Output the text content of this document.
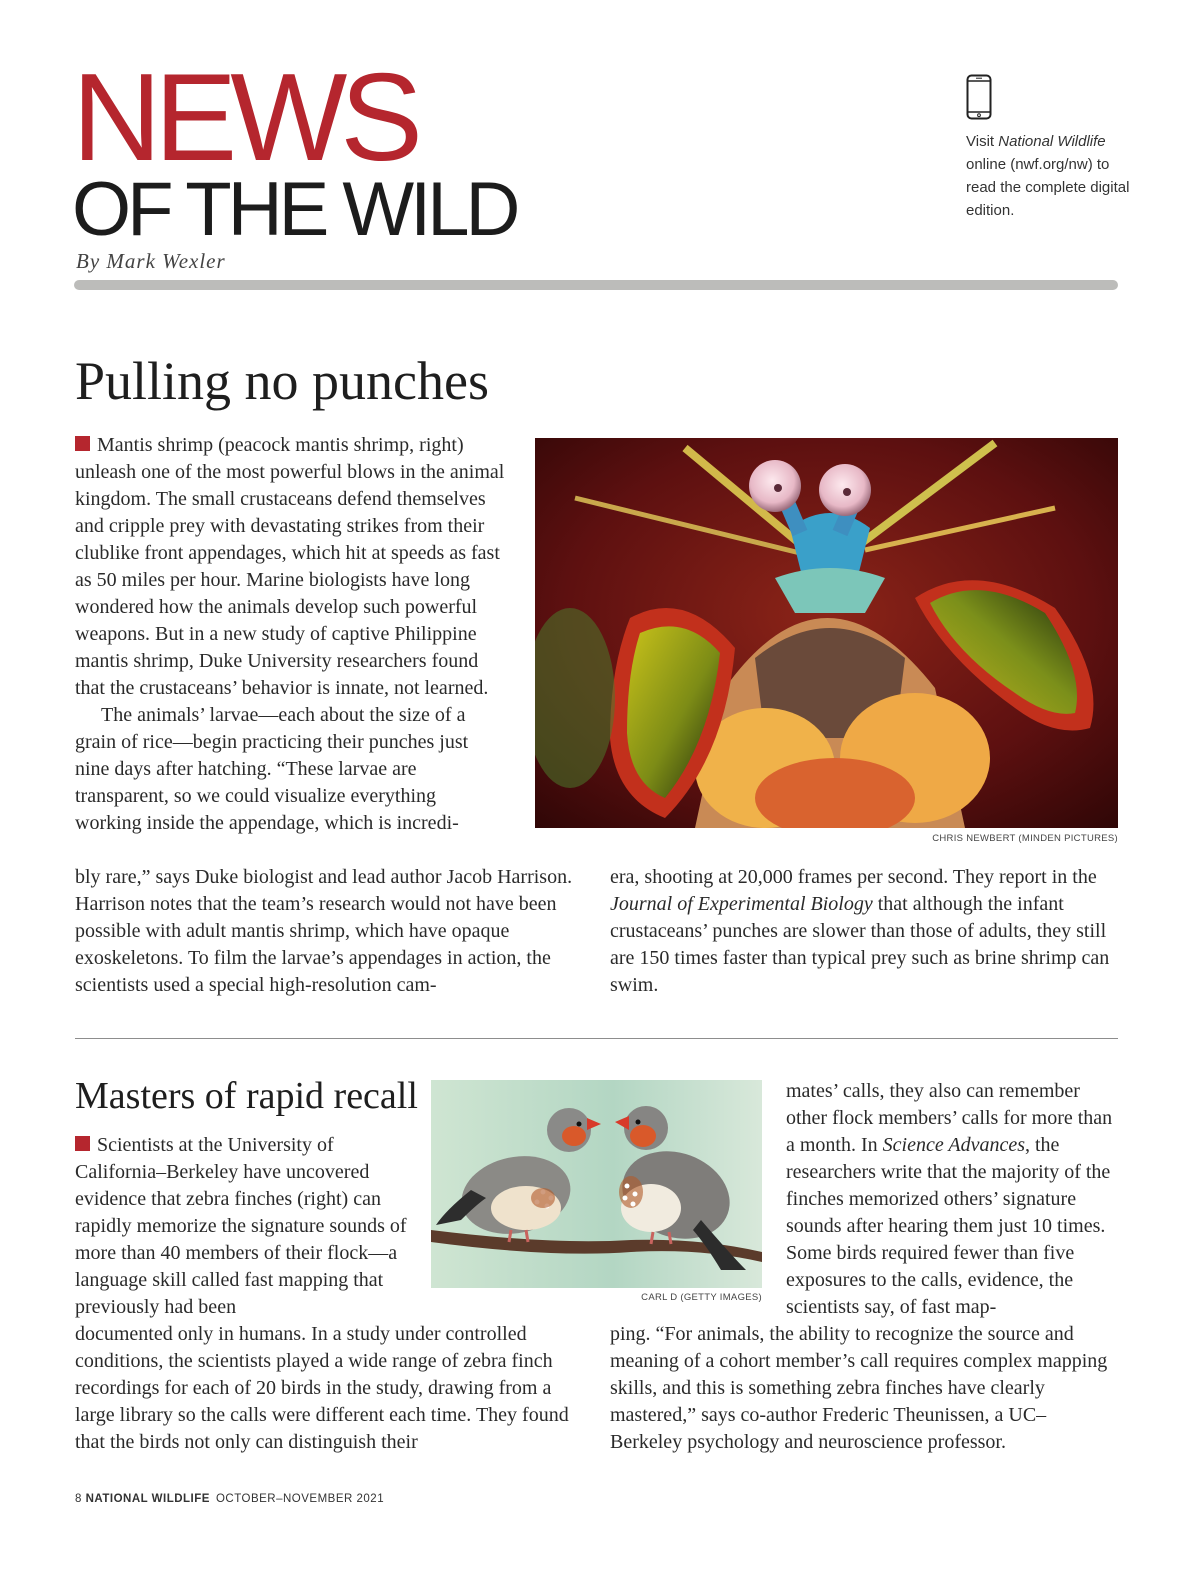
NEWS
OF THE WILD
By Mark Wexler
Visit National Wildlife online (nwf.org/nw) to read the complete digital edition.
Pulling no punches

Mantis shrimp (peacock mantis shrimp, right) unleash one of the most powerful blows in the animal kingdom. The small crustaceans defend themselves and cripple prey with devastating strikes from their clublike front appendages, which hit at speeds as fast as 50 miles per hour. Marine biologists have long wondered how the animals develop such powerful weapons. But in a new study of captive Philippine mantis shrimp, Duke University researchers found that the crustaceans’ behavior is innate, not learned.

The animals’ larvae—each about the size of a grain of rice—begin practicing their punches just nine days after hatching. “These larvae are transparent, so we could visualize everything working inside the appendage, which is incredi-

CHRIS NEWBERT (MINDEN PICTURES)

bly rare,” says Duke biologist and lead author Jacob Harrison. Harrison notes that the team’s research would not have been possible with adult mantis shrimp, which have opaque exoskeletons. To film the larvae’s appendages in action, the scientists used a special high-resolution cam-

era, shooting at 20,000 frames per second. They report in the Journal of Experimental Biology that although the infant crustaceans’ punches are slower than those of adults, they still are 150 times faster than typical prey such as brine shrimp can swim.

Masters of rapid recall

Scientists at the University of California–Berkeley have uncovered evidence that zebra finches (right) can rapidly memorize the signature sounds of more than 40 members of their flock—a language skill called fast mapping that previously had been	CARL D (GETTY IMAGES)

mates’ calls, they also can remember other flock members’ calls for more than a month. In Science Advances, the researchers write that the majority of the finches memorized others’ signature sounds after hearing them just 10 times. Some birds required fewer than five exposures to the calls, evidence, the scientists say, of fast map-

documented only in humans. In a study under controlled conditions, the scientists played a wide range of zebra finch recordings for each of 20 birds in the study, drawing from a large library so the calls were different each time. They found that the birds not only can distinguish their

ping. “For animals, the ability to recognize the source and meaning of a cohort member’s call requires complex mapping skills, and this is something zebra finches have clearly mastered,” says co-author Frederic Theunissen, a UC–Berkeley psychology and neuroscience professor.

8 NATIONAL WILDLIFE OCTOBER–NOVEMBER 2021
